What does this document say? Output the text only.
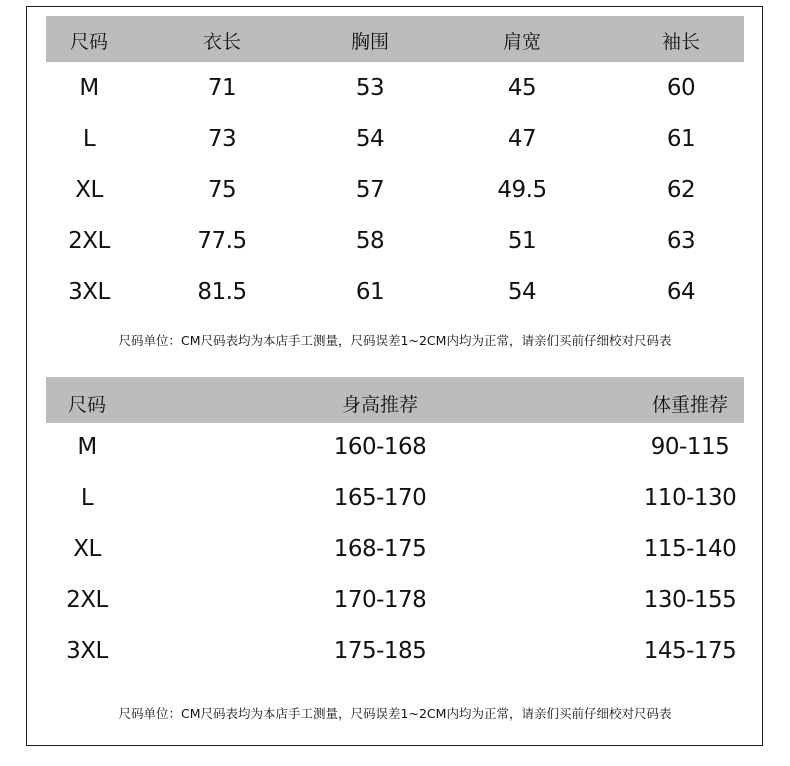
尺码	衣长	胸围	肩宽	袖长
M	71	53	45	60
L	73	54	47	61
XL	75	57	49.5	62
2XL	77.5	58	51	63
3XL	81.5	61	54	64
尺码单位：CM尺码表均为本店手工测量，尺码误差1~2CM内均为正常，请亲们买前仔细校对尺码表
尺码	身高推荐	体重推荐
M	160-168	90-115
L	165-170	110-130
XL	168-175	115-140
2XL	170-178	130-155
3XL	175-185	145-175
尺码单位：CM尺码表均为本店手工测量，尺码误差1~2CM内均为正常，请亲们买前仔细校对尺码表
